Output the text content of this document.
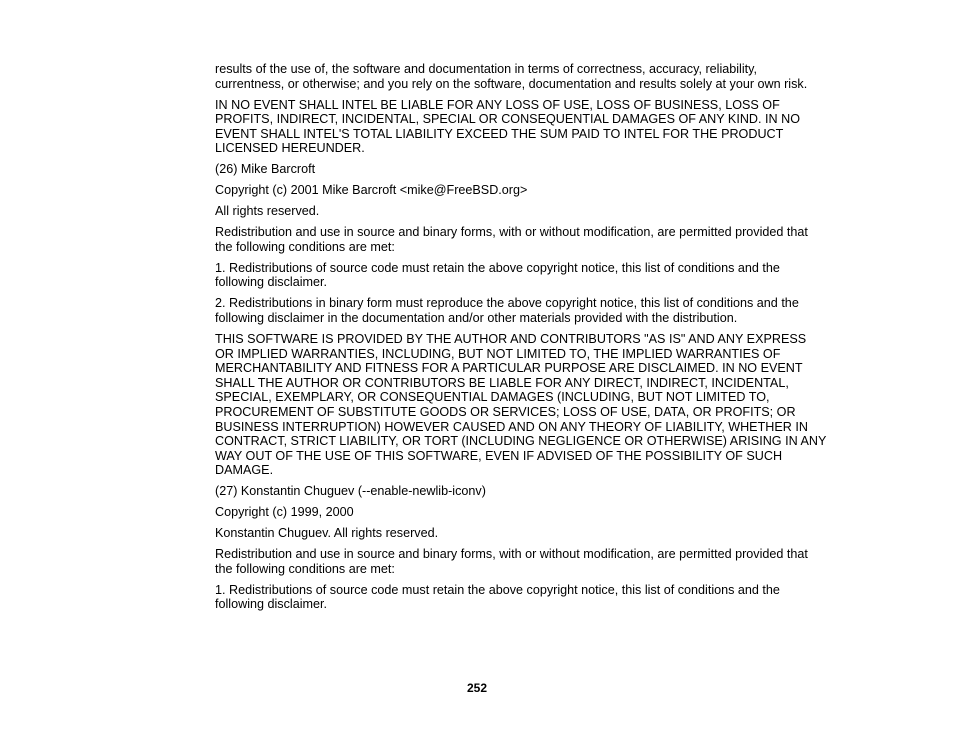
results of the use of, the software and documentation in terms of correctness, accuracy, reliability, currentness, or otherwise; and you rely on the software, documentation and results solely at your own risk.

IN NO EVENT SHALL INTEL BE LIABLE FOR ANY LOSS OF USE, LOSS OF BUSINESS, LOSS OF PROFITS, INDIRECT, INCIDENTAL, SPECIAL OR CONSEQUENTIAL DAMAGES OF ANY KIND. IN NO EVENT SHALL INTEL'S TOTAL LIABILITY EXCEED THE SUM PAID TO INTEL FOR THE PRODUCT LICENSED HEREUNDER.

(26) Mike Barcroft

Copyright (c) 2001 Mike Barcroft <mike@FreeBSD.org>

All rights reserved.

Redistribution and use in source and binary forms, with or without modification, are permitted provided that the following conditions are met:

1. Redistributions of source code must retain the above copyright notice, this list of conditions and the following disclaimer.

2. Redistributions in binary form must reproduce the above copyright notice, this list of conditions and the following disclaimer in the documentation and/or other materials provided with the distribution.

THIS SOFTWARE IS PROVIDED BY THE AUTHOR AND CONTRIBUTORS "AS IS" AND ANY EXPRESS OR IMPLIED WARRANTIES, INCLUDING, BUT NOT LIMITED TO, THE IMPLIED WARRANTIES OF MERCHANTABILITY AND FITNESS FOR A PARTICULAR PURPOSE ARE DISCLAIMED. IN NO EVENT SHALL THE AUTHOR OR CONTRIBUTORS BE LIABLE FOR ANY DIRECT, INDIRECT, INCIDENTAL, SPECIAL, EXEMPLARY, OR CONSEQUENTIAL DAMAGES (INCLUDING, BUT NOT LIMITED TO, PROCUREMENT OF SUBSTITUTE GOODS OR SERVICES; LOSS OF USE, DATA, OR PROFITS; OR BUSINESS INTERRUPTION) HOWEVER CAUSED AND ON ANY THEORY OF LIABILITY, WHETHER IN CONTRACT, STRICT LIABILITY, OR TORT (INCLUDING NEGLIGENCE OR OTHERWISE) ARISING IN ANY WAY OUT OF THE USE OF THIS SOFTWARE, EVEN IF ADVISED OF THE POSSIBILITY OF SUCH DAMAGE.

(27) Konstantin Chuguev (--enable-newlib-iconv)

Copyright (c) 1999, 2000

Konstantin Chuguev. All rights reserved.

Redistribution and use in source and binary forms, with or without modification, are permitted provided that the following conditions are met:

1. Redistributions of source code must retain the above copyright notice, this list of conditions and the following disclaimer.

252
